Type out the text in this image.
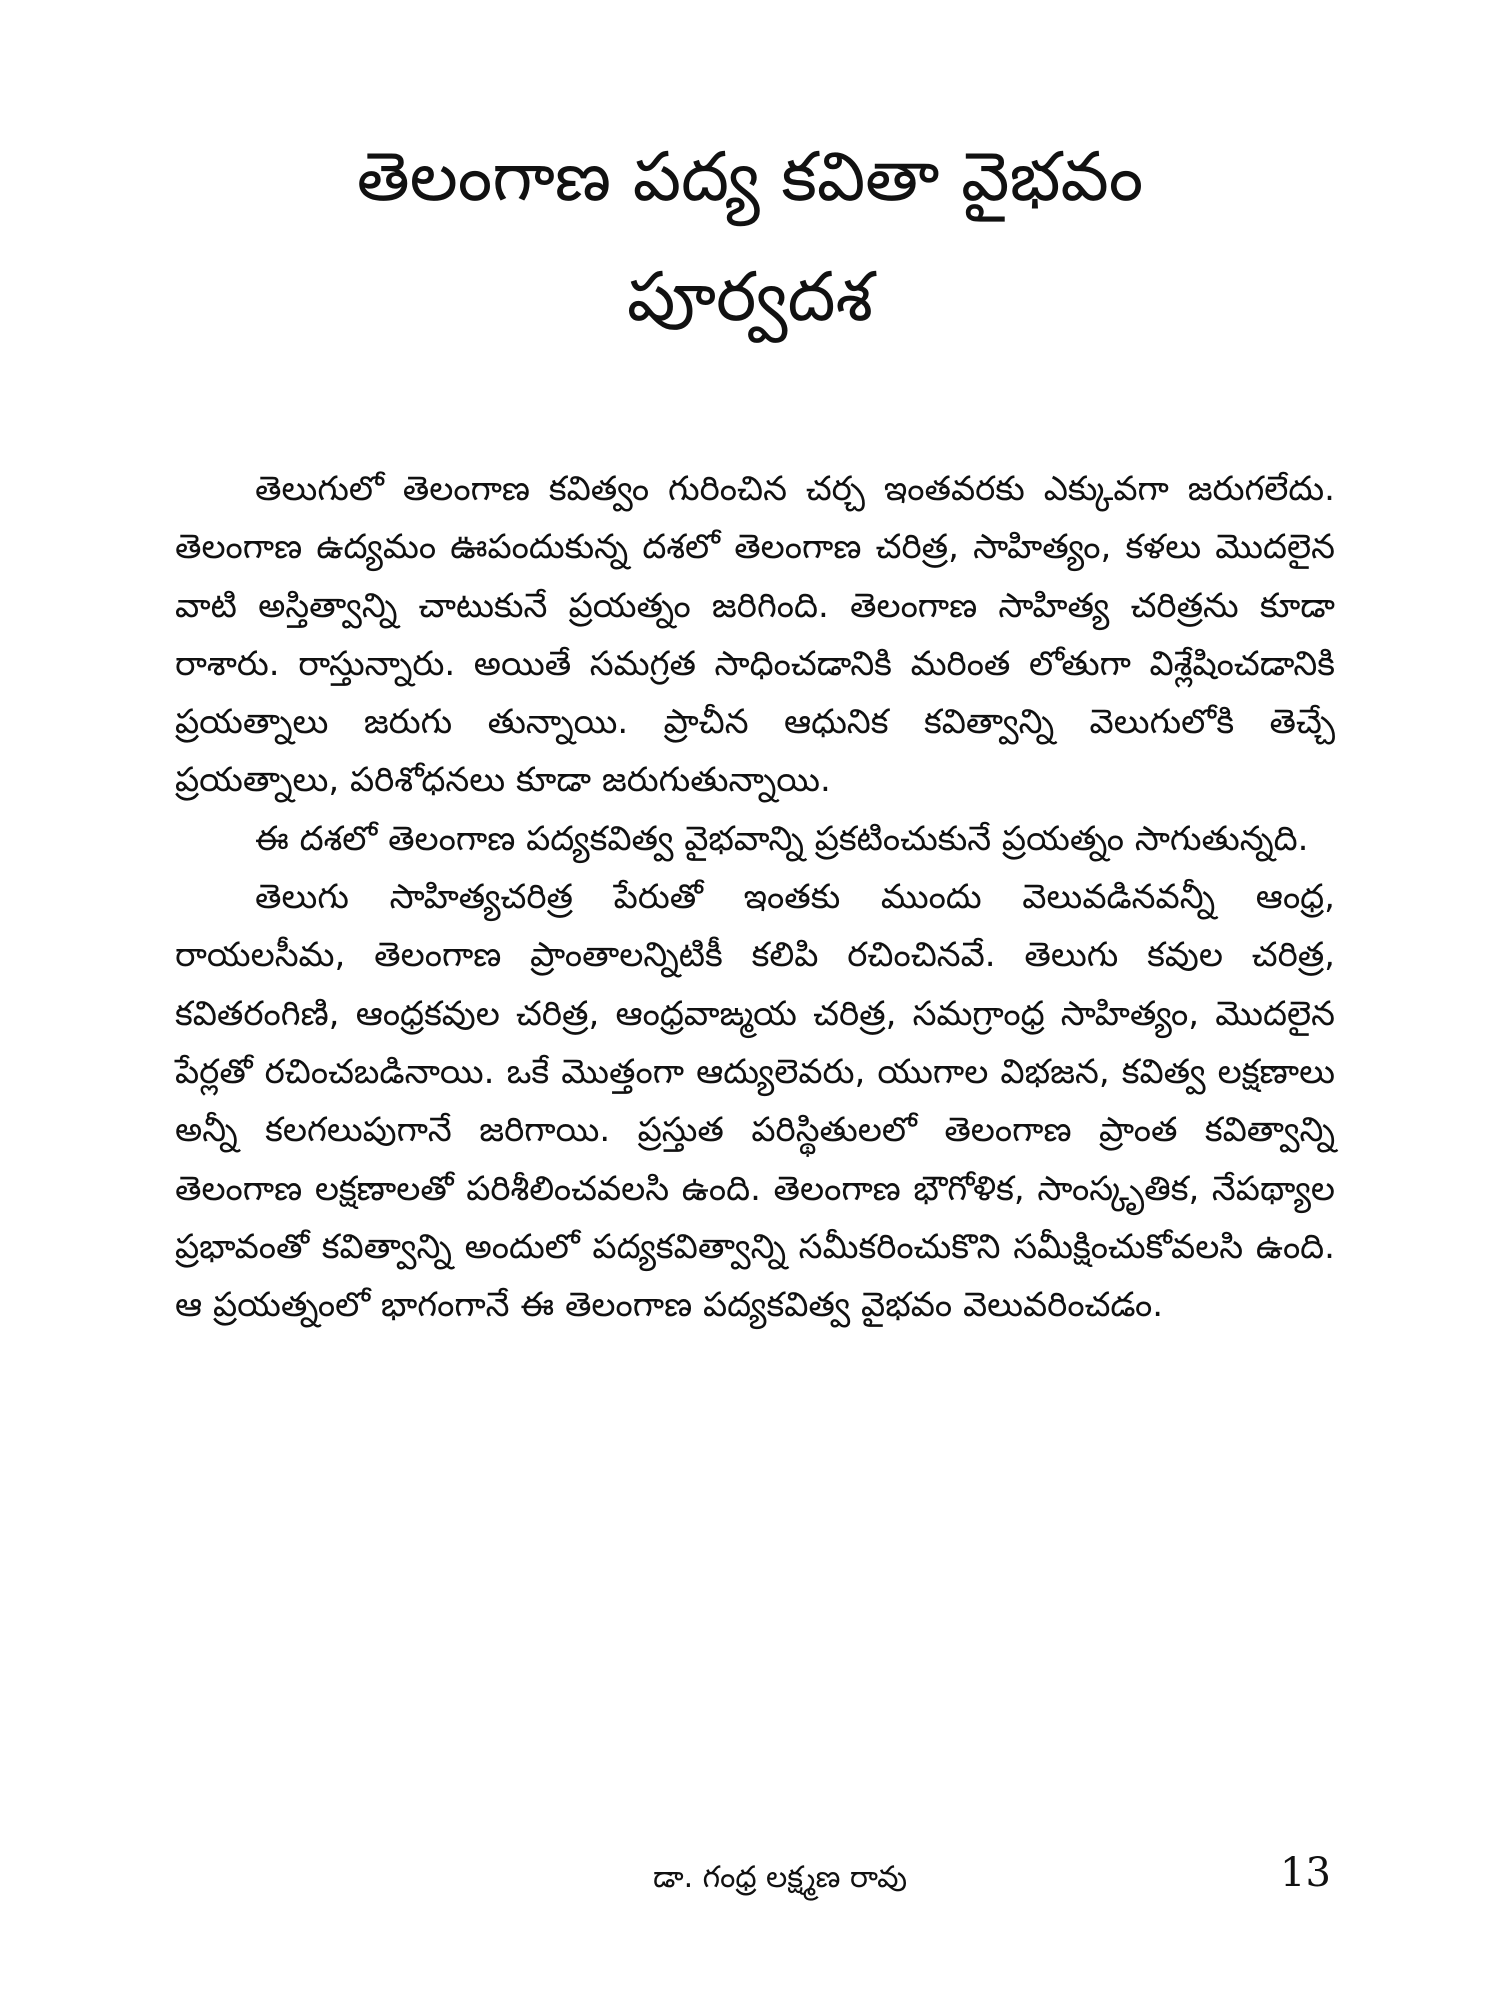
తెలంగాణ పద్య కవితా వైభవం
పూర్వదశ

తెలుగులో తెలంగాణ కవిత్వం గురించిన చర్చ ఇంతవరకు ఎక్కువగా జరుగలేదు. తెలంగాణ ఉద్యమం ఊపందుకున్న దశలో తెలంగాణ చరిత్ర, సాహిత్యం, కళలు మొదలైన వాటి అస్తిత్వాన్ని చాటుకునే ప్రయత్నం జరిగింది. తెలంగాణ సాహిత్య చరిత్రను కూడా రాశారు. రాస్తున్నారు. అయితే సమగ్రత సాధించడానికి మరింత లోతుగా విశ్లేషించడానికి ప్రయత్నాలు జరుగు తున్నాయి. ప్రాచీన ఆధునిక కవిత్వాన్ని వెలుగులోకి తెచ్చే ప్రయత్నాలు, పరిశోధనలు కూడా జరుగుతున్నాయి.

ఈ దశలో తెలంగాణ పద్యకవిత్వ వైభవాన్ని ప్రకటించుకునే ప్రయత్నం సాగుతున్నది.

తెలుగు సాహిత్యచరిత్ర పేరుతో ఇంతకు ముందు వెలువడినవన్నీ ఆంధ్ర, రాయలసీమ, తెలంగాణ ప్రాంతాలన్నిటికీ కలిపి రచించినవే. తెలుగు కవుల చరిత్ర, కవితరంగిణి, ఆంధ్రకవుల చరిత్ర, ఆంధ్రవాఙ్మయ చరిత్ర, సమగ్రాంధ్ర సాహిత్యం, మొదలైన పేర్లతో రచించబడినాయి. ఒకే మొత్తంగా ఆద్యులెవరు, యుగాల విభజన, కవిత్వ లక్షణాలు అన్నీ కలగలుపుగానే జరిగాయి. ప్రస్తుత పరిస్థితులలో తెలంగాణ ప్రాంత కవిత్వాన్ని తెలంగాణ లక్షణాలతో పరిశీలించవలసి ఉంది. తెలంగాణ భౌగోళిక, సాంస్కృతిక, నేపథ్యాల ప్రభావంతో కవిత్వాన్ని అందులో పద్యకవిత్వాన్ని సమీకరించుకొని సమీక్షించుకోవలసి ఉంది. ఆ ప్రయత్నంలో భాగంగానే ఈ తెలంగాణ పద్యకవిత్వ వైభవం వెలువరించడం.

డా. గంధ్ర లక్ష్మణ రావు	13
